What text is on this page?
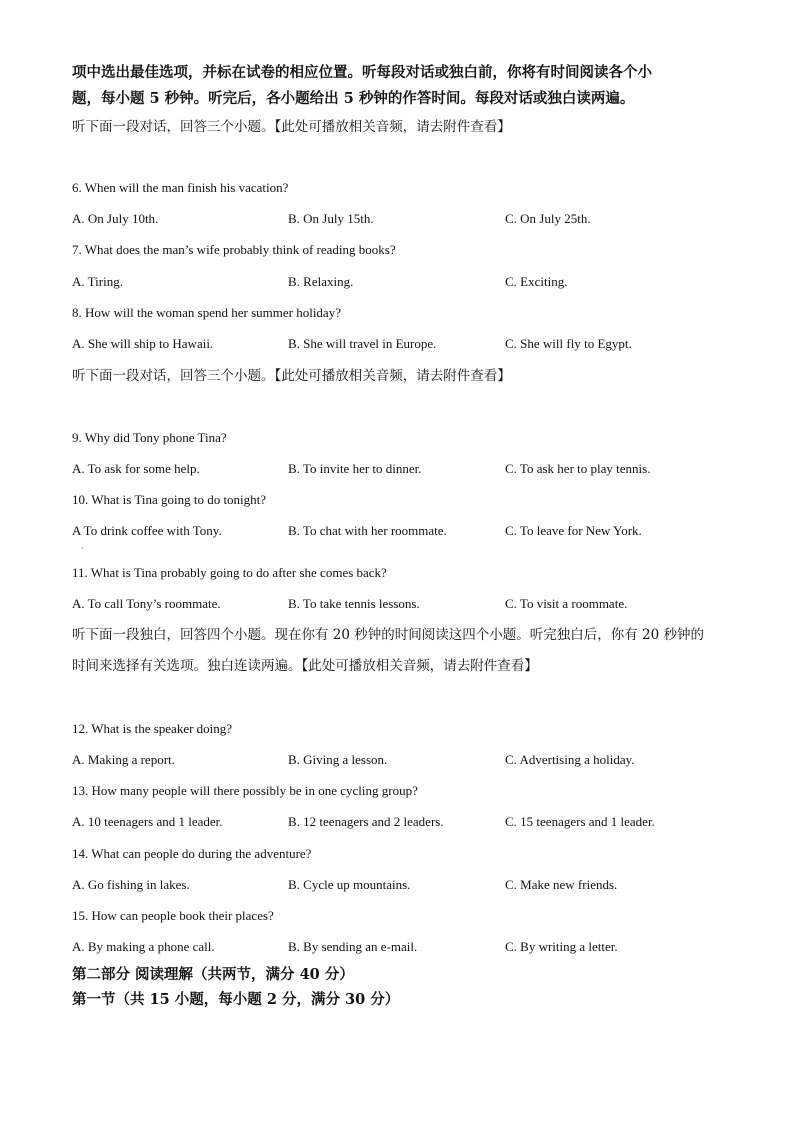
项中选出最佳选项，并标在试卷的相应位置。听每段对话或独白前，你将有时间阅读各个小
题，每小题 5 秒钟。听完后，各小题给出 5 秒钟的作答时间。每段对话或独白读两遍。
听下面一段对话，回答三个小题。【此处可播放相关音频，请去附件查看】
6. When will the man finish his vacation?
A. On July 10th.	B. On July 15th.	C. On July 25th.
7. What does the man’s wife probably think of reading books?
A. Tiring.	B. Relaxing.	C. Exciting.
8. How will the woman spend her summer holiday?
A. She will ship to Hawaii.	B. She will travel in Europe.	C. She will fly to Egypt.
听下面一段对话，回答三个小题。【此处可播放相关音频，请去附件查看】
9. Why did Tony phone Tina?
A. To ask for some help.	B. To invite her to dinner.	C. To ask her to play tennis.
10. What is Tina going to do tonight?
A To drink coffee with Tony.	B. To chat with her roommate.	C. To leave for New York.
·
11. What is Tina probably going to do after she comes back?
A. To call Tony’s roommate.	B. To take tennis lessons.	C. To visit a roommate.
听下面一段独白，回答四个小题。现在你有 20 秒钟的时间阅读这四个小题。听完独白后，你有 20 秒钟的
时间来选择有关选项。独白连读两遍。【此处可播放相关音频，请去附件查看】
12. What is the speaker doing?
A. Making a report.	B. Giving a lesson.	C. Advertising a holiday.
13. How many people will there possibly be in one cycling group?
A. 10 teenagers and 1 leader.	B. 12 teenagers and 2 leaders.	C. 15 teenagers and 1 leader.
14. What can people do during the adventure?
A. Go fishing in lakes.	B. Cycle up mountains.	C. Make new friends.
15. How can people book their places?
A. By making a phone call.	B. By sending an e-mail.	C. By writing a letter.
第二部分 阅读理解（共两节，满分 40 分）
第一节（共 15 小题，每小题 2 分，满分 30 分）
